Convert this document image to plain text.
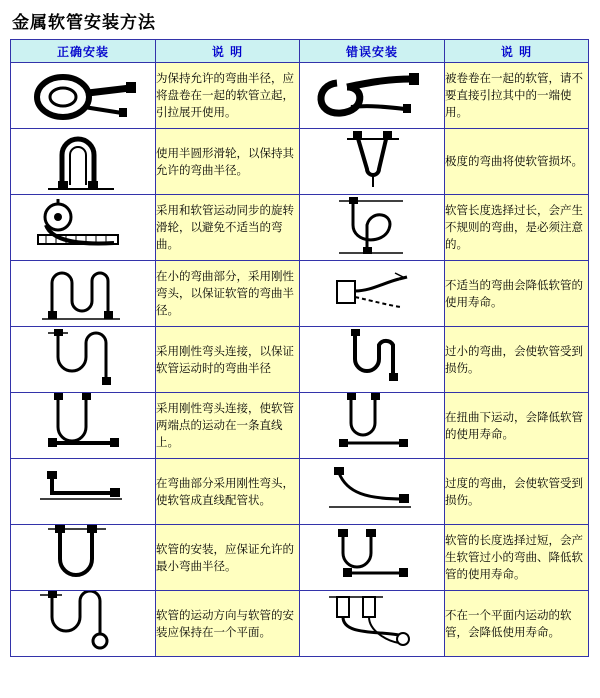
金属软管安装方法
正确安装	说 明	错误安装	说 明

	为保持允许的弯曲半径，应将盘卷在一起的软管立起，引拉展开使用。		被卷卷在一起的软管，请不要直接引拉其中的一端使用。

	使用半圆形滑轮，以保持其允许的弯曲半径。		极度的弯曲将使软管损坏。

	采用和软管运动同步的旋转滑轮，以避免不适当的弯曲。		软管长度选择过长，会产生不规则的弯曲，是必须注意的。

	在小的弯曲部分，采用刚性弯头，以保证软管的弯曲半径。		不适当的弯曲会降低软管的使用寿命。

	采用刚性弯头连接，以保证软管运动时的弯曲半径		过小的弯曲，会使软管受到损伤。

	采用刚性弯头连接，使软管两端点的运动在一条直线上。		在扭曲下运动，会降低软管的使用寿命。

	在弯曲部分采用刚性弯头，使软管成直线配管状。		过度的弯曲，会使软管受到损伤。

	软管的安装，应保证允许的最小弯曲半径。		软管的长度选择过短，会产生软管过小的弯曲、降低软管的使用寿命。

	软管的运动方向与软管的安装应保持在一个平面。		不在一个平面内运动的软管，会降低使用寿命。
